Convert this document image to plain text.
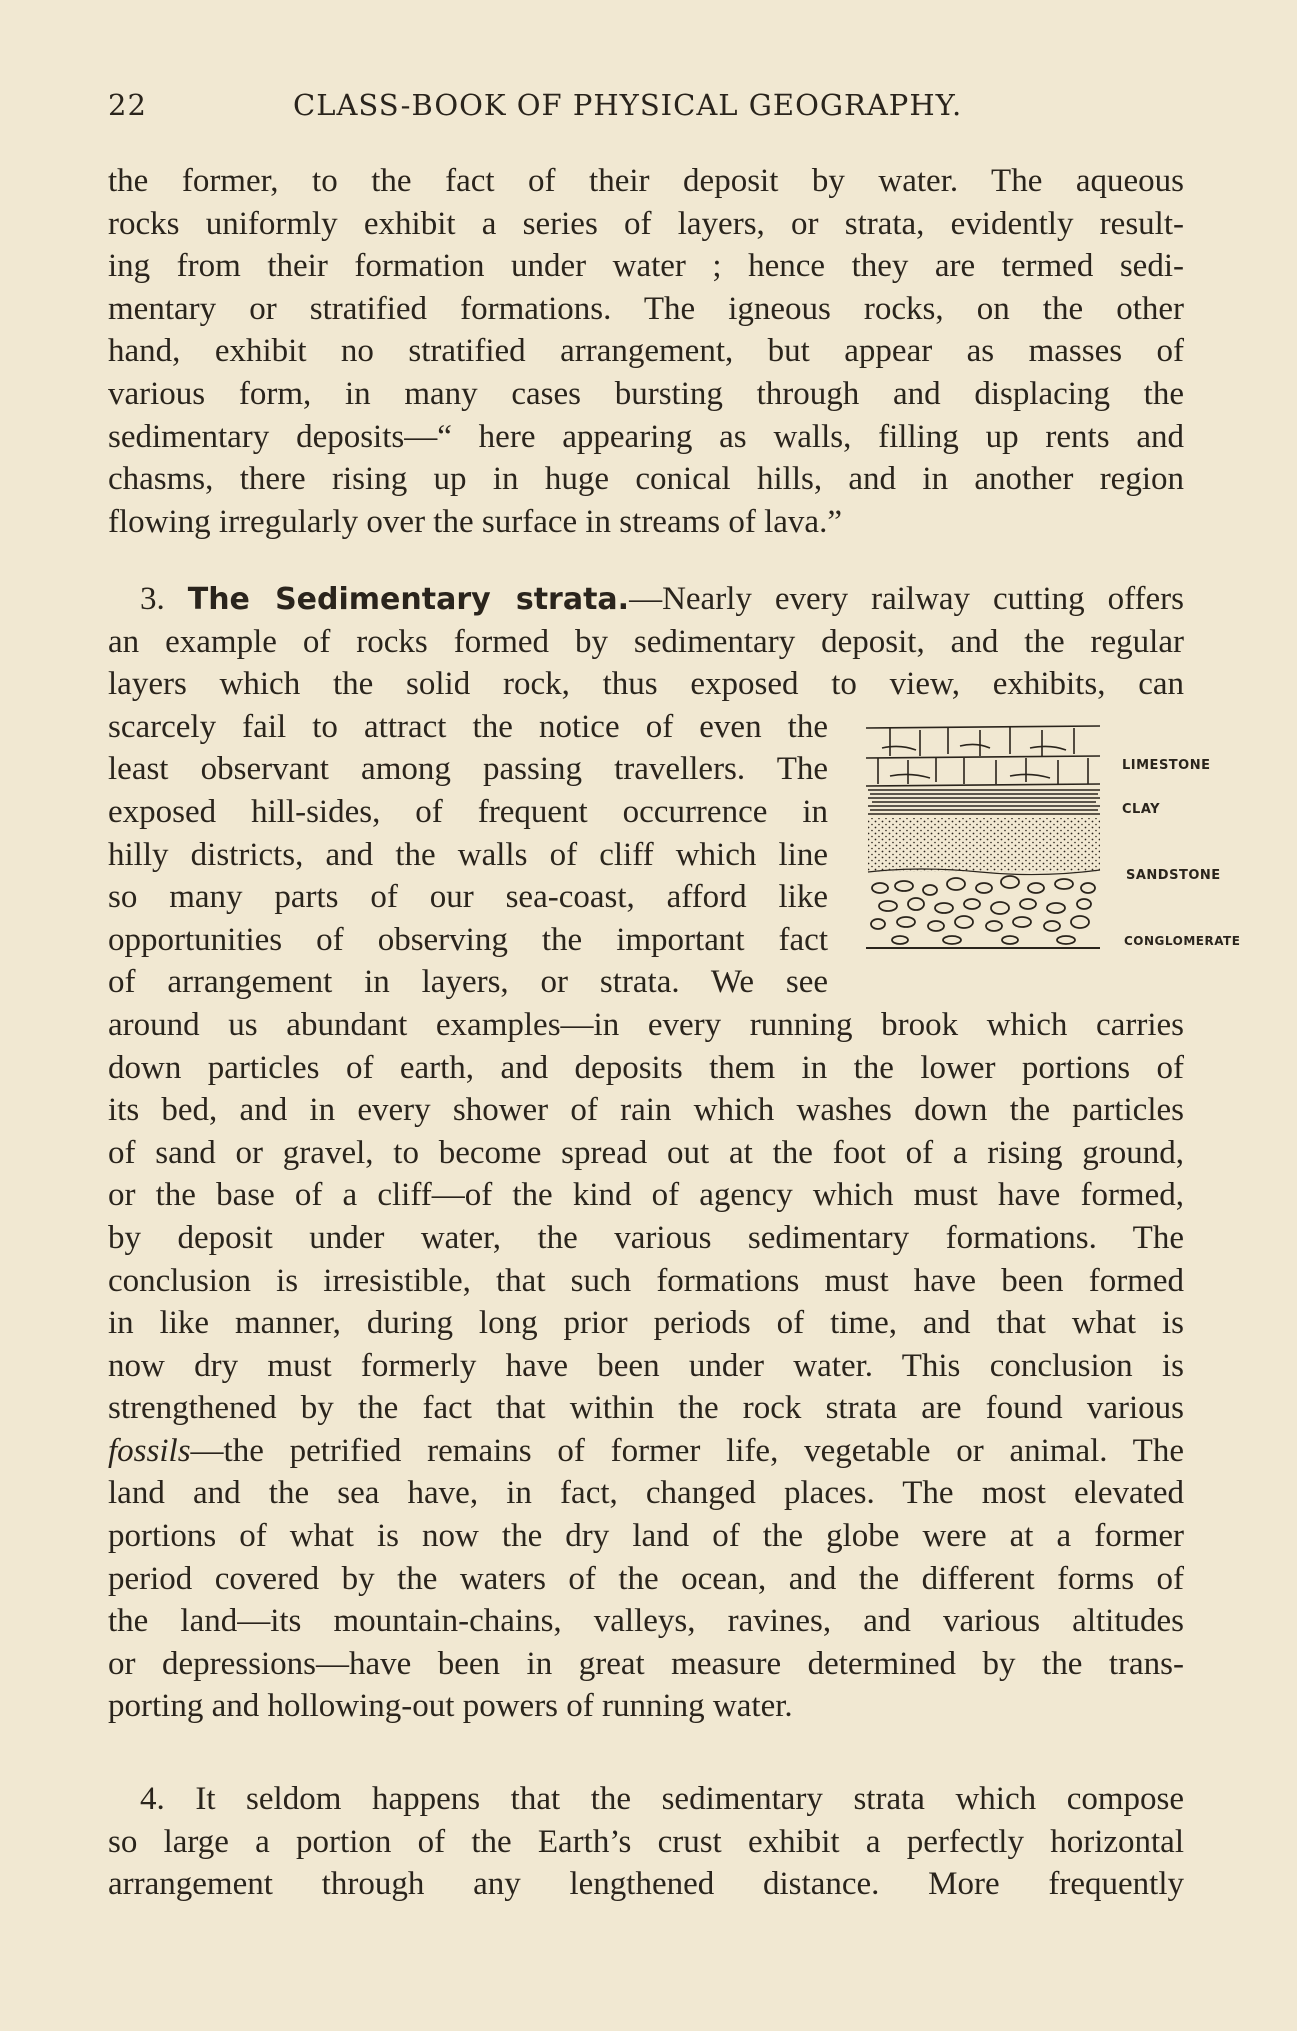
22	CLASS-BOOK OF PHYSICAL GEOGRAPHY.
the former, to the fact of their deposit by water. The aqueous
rocks uniformly exhibit a series of layers, or strata, evidently result-
ing from their formation under water ; hence they are termed sedi-
mentary or stratified formations. The igneous rocks, on the other
hand, exhibit no stratified arrangement, but appear as masses of
various form, in many cases bursting through and displacing the
sedimentary deposits—“ here appearing as walls, filling up rents and
chasms, there rising up in huge conical hills, and in another region
flowing irregularly over the surface in streams of lava.”
3. The Sedimentary strata.—Nearly every railway cutting offers
an example of rocks formed by sedimentary deposit, and the regular
layers which the solid rock, thus exposed to view, exhibits, can
scarcely fail to attract the notice of even the
least observant among passing travellers. The
exposed hill-sides, of frequent occurrence in
hilly districts, and the walls of cliff which line
so many parts of our sea-coast, afford like
opportunities of observing the important fact
of arrangement in layers, or strata. We see
around us abundant examples—in every running brook which carries
down particles of earth, and deposits them in the lower portions of
its bed, and in every shower of rain which washes down the particles
of sand or gravel, to become spread out at the foot of a rising ground,
or the base of a cliff—of the kind of agency which must have formed,
by deposit under water, the various sedimentary formations. The
conclusion is irresistible, that such formations must have been formed
in like manner, during long prior periods of time, and that what is
now dry must formerly have been under water. This conclusion is
strengthened by the fact that within the rock strata are found various
fossils—the petrified remains of former life, vegetable or animal. The
land and the sea have, in fact, changed places. The most elevated
portions of what is now the dry land of the globe were at a former
period covered by the waters of the ocean, and the different forms of
the land—its mountain-chains, valleys, ravines, and various altitudes
or depressions—have been in great measure determined by the trans-
porting and hollowing-out powers of running water.
4. It seldom happens that the sedimentary strata which compose
so large a portion of the Earth’s crust exhibit a perfectly horizontal
arrangement through any lengthened distance. More frequently
LIMESTONE
CLAY
SANDSTONE
CONGLOMERATE
